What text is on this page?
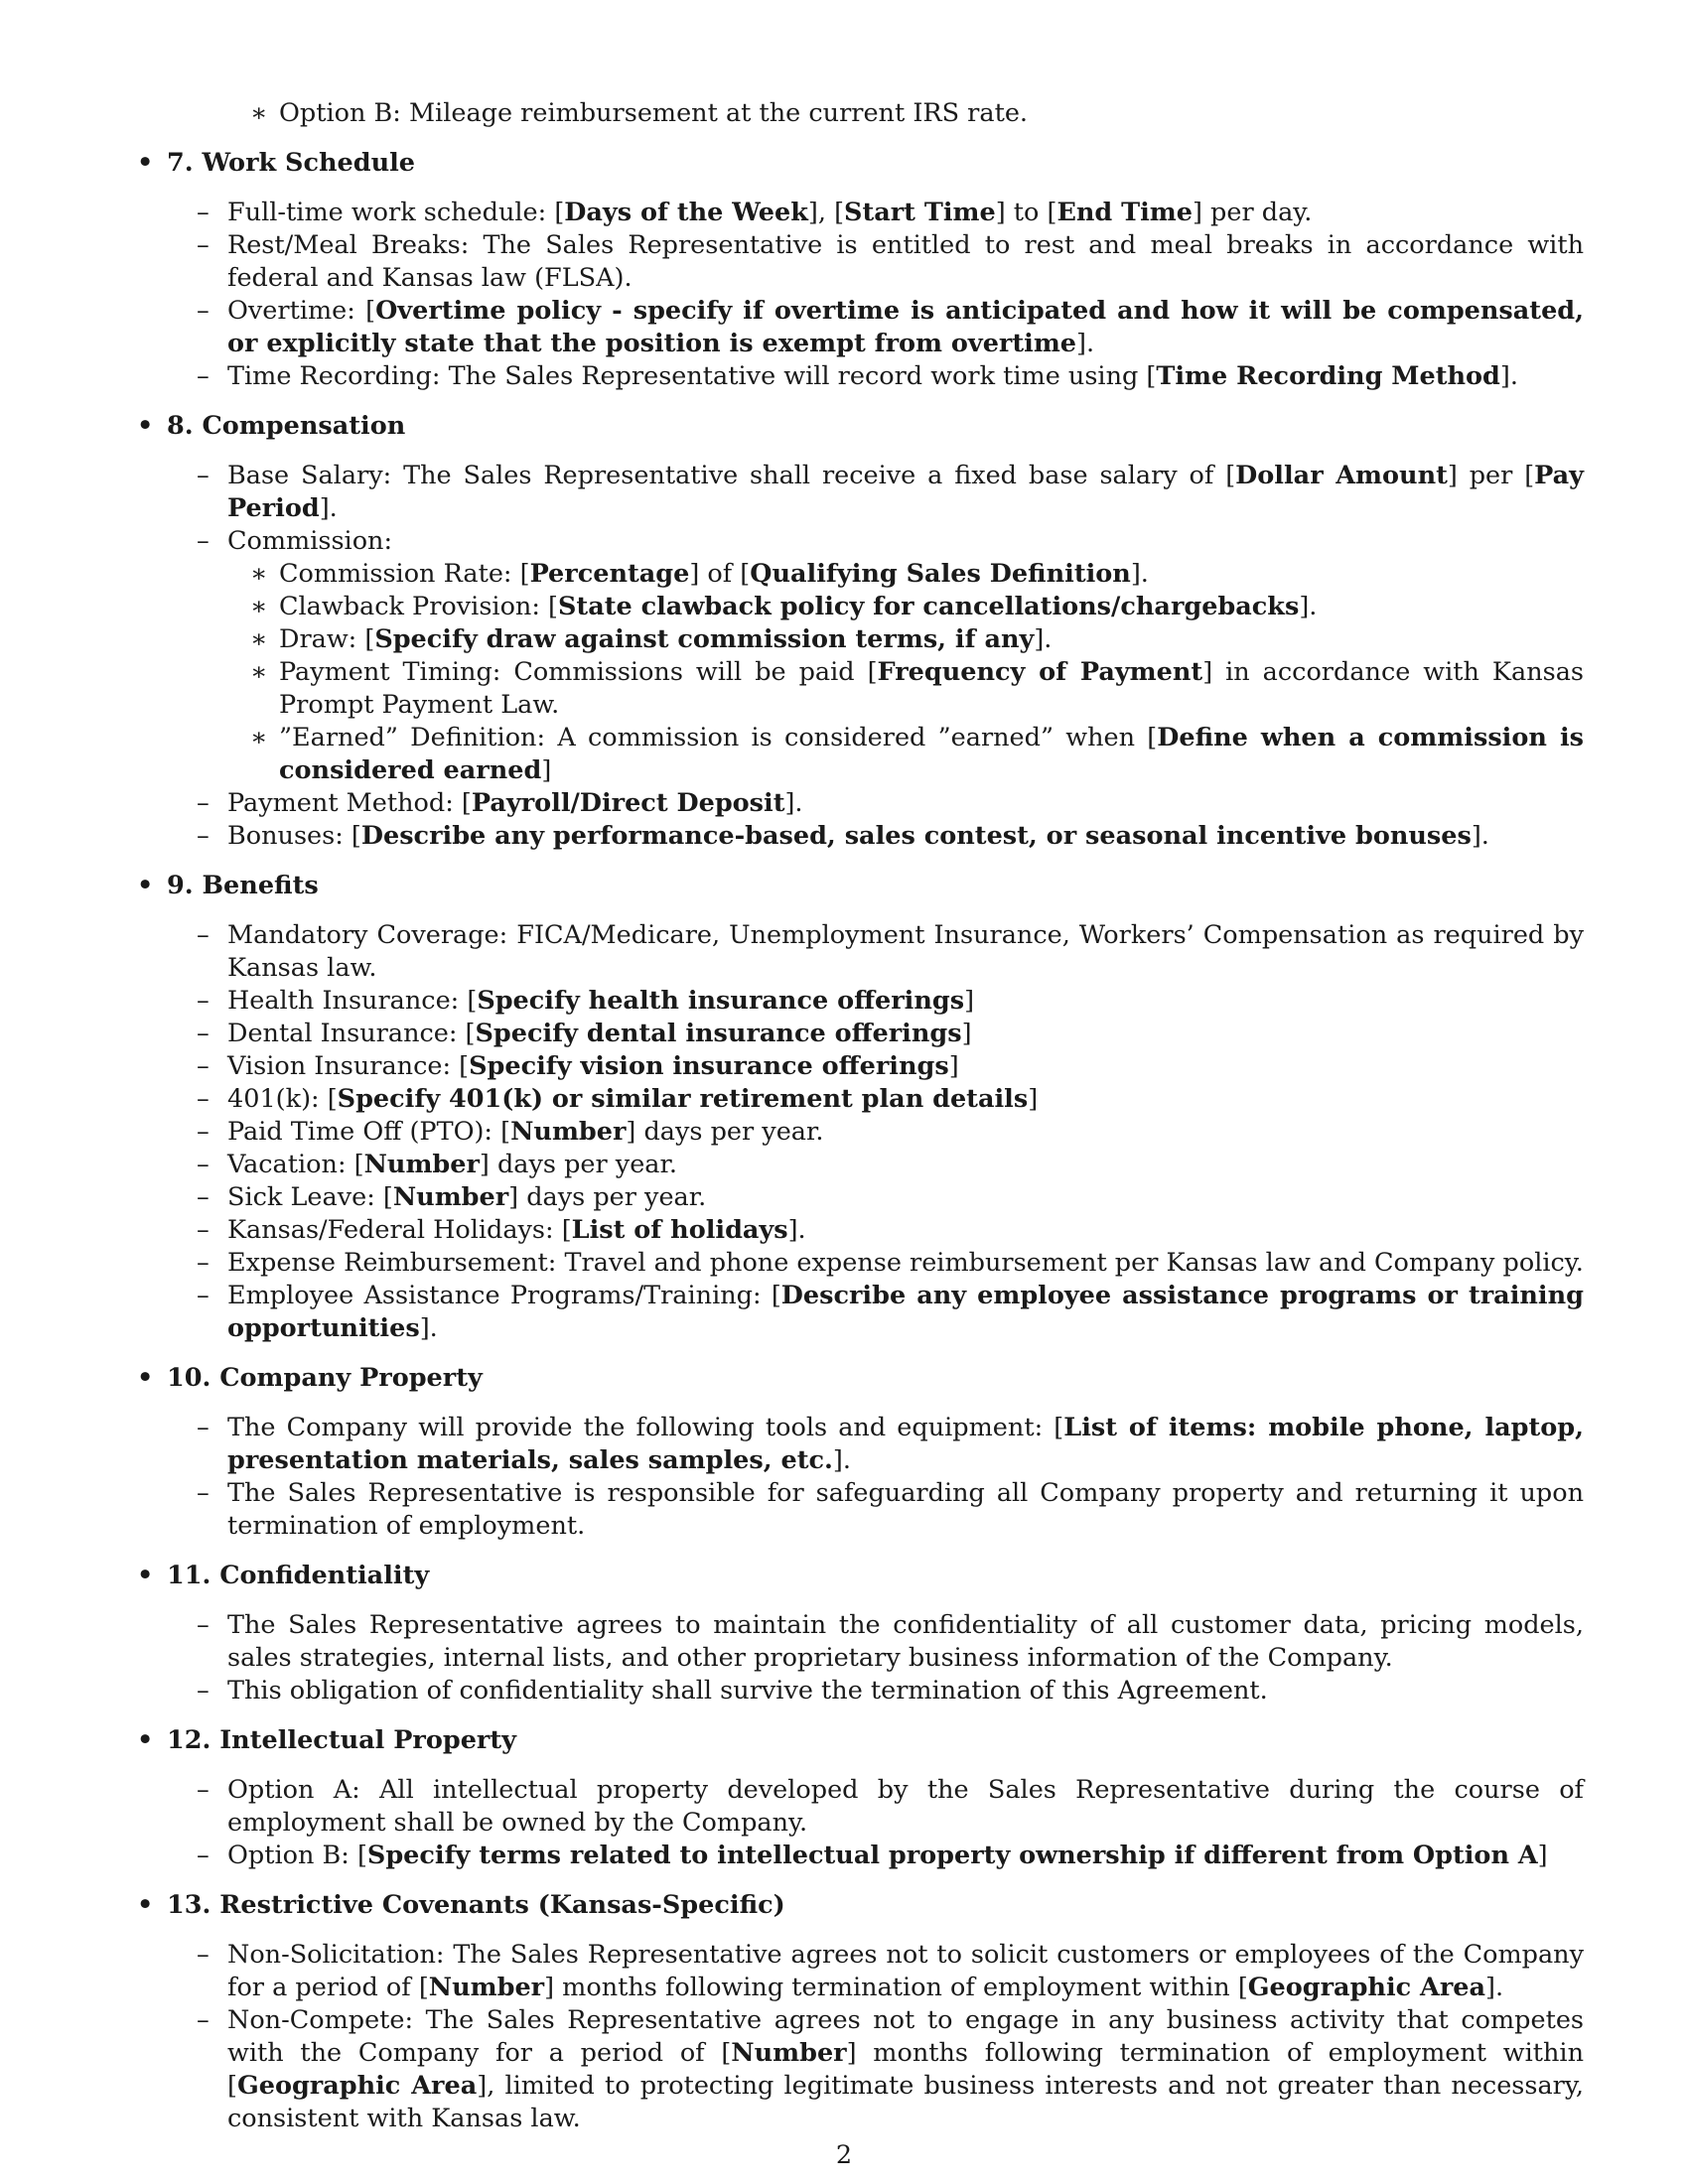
∗ Option B: Mileage reimbursement at the current IRS rate.

• 7. Work Schedule

– Full-time work schedule: [Days of the Week], [Start Time] to [End Time] per day.

– Rest/Meal Breaks: The Sales Representative is entitled to rest and meal breaks in accordance with federal and Kansas law (FLSA).

– Overtime: [Overtime policy - specify if overtime is anticipated and how it will be compensated, or explicitly state that the position is exempt from overtime].

– Time Recording: The Sales Representative will record work time using [Time Recording Method].

• 8. Compensation

– Base Salary: The Sales Representative shall receive a fixed base salary of [Dollar Amount] per [Pay Period].

– Commission:

∗ Commission Rate: [Percentage] of [Qualifying Sales Definition].

∗ Clawback Provision: [State clawback policy for cancellations/chargebacks].

∗ Draw: [Specify draw against commission terms, if any].

∗ Payment Timing: Commissions will be paid [Frequency of Payment] in accordance with Kansas Prompt Payment Law.

∗ ”Earned” Definition: A commission is considered ”earned” when [Define when a commission is considered earned]

– Payment Method: [Payroll/Direct Deposit].

– Bonuses: [Describe any performance-based, sales contest, or seasonal incentive bonuses].

• 9. Benefits

– Mandatory Coverage: FICA/Medicare, Unemployment Insurance, Workers’ Compensation as required by Kansas law.

– Health Insurance: [Specify health insurance offerings]

– Dental Insurance: [Specify dental insurance offerings]

– Vision Insurance: [Specify vision insurance offerings]

– 401(k): [Specify 401(k) or similar retirement plan details]

– Paid Time Off (PTO): [Number] days per year.

– Vacation: [Number] days per year.

– Sick Leave: [Number] days per year.

– Kansas/Federal Holidays: [List of holidays].

– Expense Reimbursement: Travel and phone expense reimbursement per Kansas law and Company policy.

– Employee Assistance Programs/Training: [Describe any employee assistance programs or training opportunities].

• 10. Company Property

– The Company will provide the following tools and equipment: [List of items: mobile phone, laptop, presentation materials, sales samples, etc.].

– The Sales Representative is responsible for safeguarding all Company property and returning it upon termination of employment.

• 11. Confidentiality

– The Sales Representative agrees to maintain the confidentiality of all customer data, pricing models, sales strategies, internal lists, and other proprietary business information of the Company.

– This obligation of confidentiality shall survive the termination of this Agreement.

• 12. Intellectual Property

– Option A: All intellectual property developed by the Sales Representative during the course of employment shall be owned by the Company.

– Option B: [Specify terms related to intellectual property ownership if different from Option A]

• 13. Restrictive Covenants (Kansas-Specific)

– Non-Solicitation: The Sales Representative agrees not to solicit customers or employees of the Company for a period of [Number] months following termination of employment within [Geographic Area].

– Non-Compete: The Sales Representative agrees not to engage in any business activity that competes with the Company for a period of [Number] months following termination of employment within [Geographic Area], limited to protecting legitimate business interests and not greater than necessary, consistent with Kansas law.

2
